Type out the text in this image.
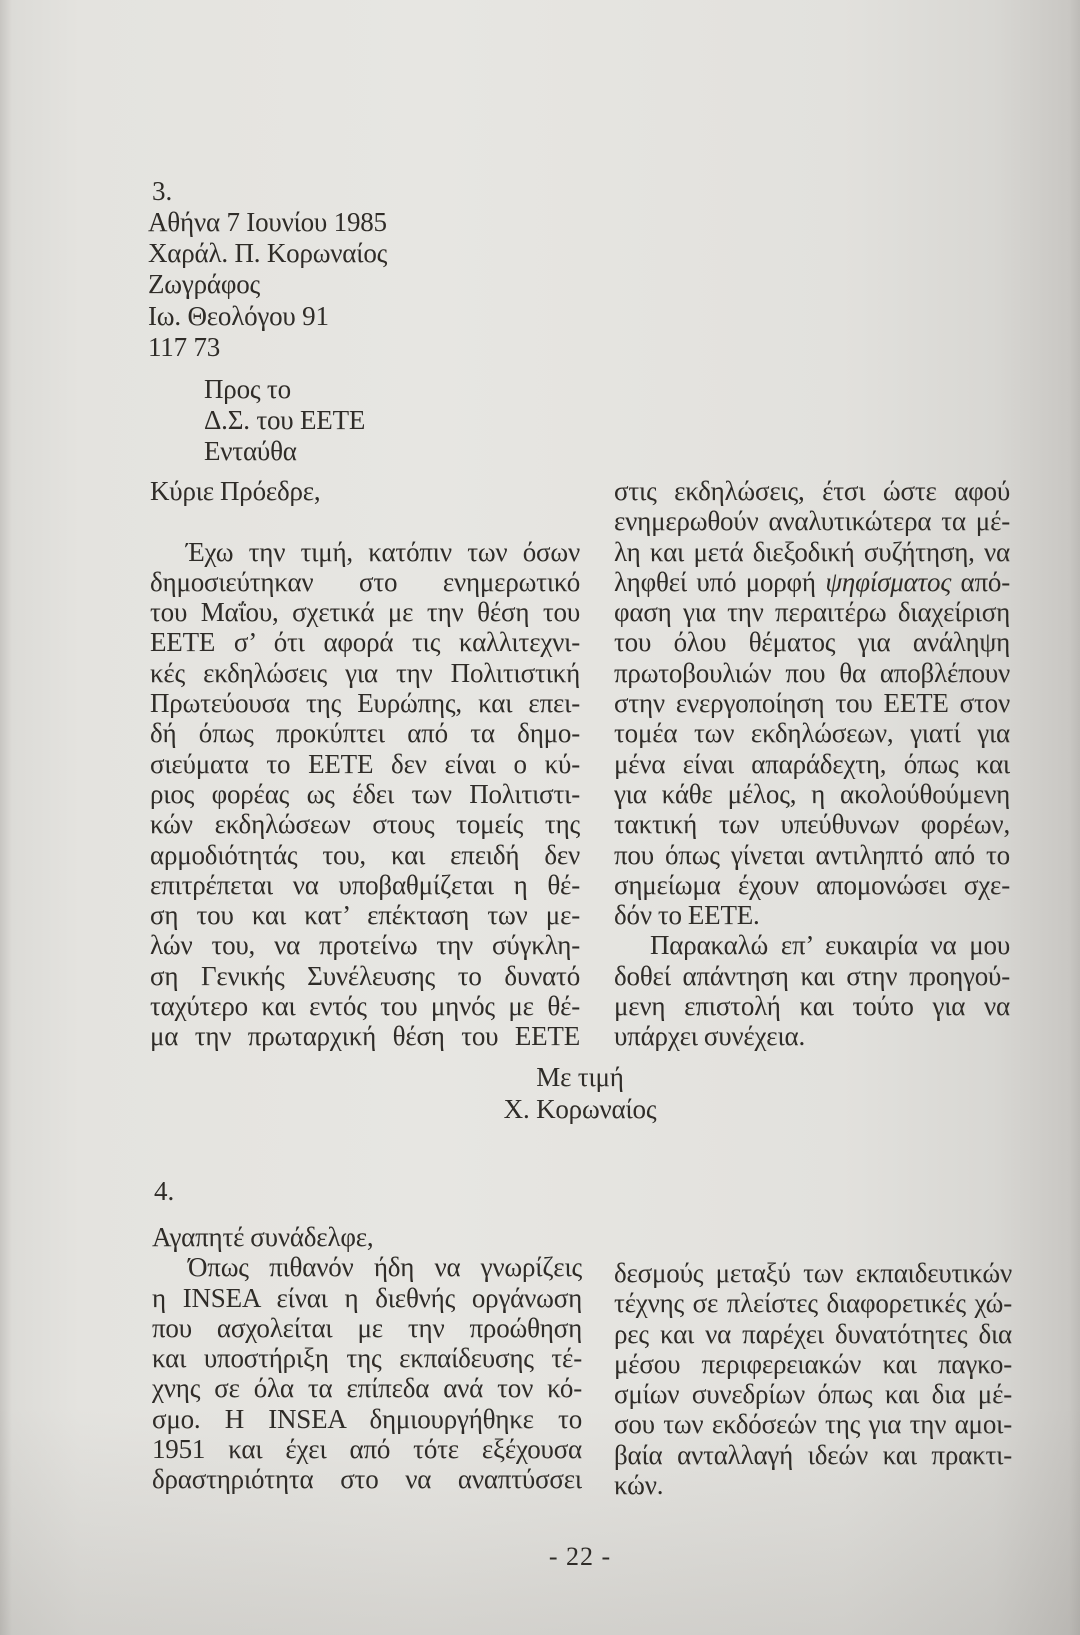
3.
Αθήνα 7 Ιουνίου 1985
Χαράλ. Π. Κορωναίος
Ζωγράφος
Ιω. Θεολόγου 91
117 73
Προς το
Δ.Σ. του ΕΕΤΕ
Ενταύθα
Κύριε Πρόεδρε,
Έχω την τιμή, κατόπιν των όσων
δημοσιεύτηκαν στο ενημερωτικό
του Μαΐου, σχετικά με την θέση του
ΕΕΤΕ σ’ ότι αφορά τις καλλιτεχνι-
κές εκδηλώσεις για την Πολιτιστική
Πρωτεύουσα της Ευρώπης, και επει-
δή όπως προκύπτει από τα δημο-
σιεύματα το ΕΕΤΕ δεν είναι ο κύ-
ριος φορέας ως έδει των Πολιτιστι-
κών εκδηλώσεων στους τομείς της
αρμοδιότητάς του, και επειδή δεν
επιτρέπεται να υποβαθμίζεται η θέ-
ση του και κατ’ επέκταση των με-
λών του, να προτείνω την σύγκλη-
ση Γενικής Συνέλευσης το δυνατό
ταχύτερο και εντός του μηνός με θέ-
μα την πρωταρχική θέση του ΕΕΤΕ
στις εκδηλώσεις, έτσι ώστε αφού
ενημερωθούν αναλυτικώτερα τα μέ-
λη και μετά διεξοδική συζήτηση, να
ληφθεί υπό μορφή ψηφίσματος από-
φαση για την περαιτέρω διαχείριση
του όλου θέματος για ανάληψη
πρωτοβουλιών που θα αποβλέπουν
στην ενεργοποίηση του ΕΕΤΕ στον
τομέα των εκδηλώσεων, γιατί για
μένα είναι απαράδεχτη, όπως και
για κάθε μέλος, η ακολούθούμενη
τακτική των υπεύθυνων φορέων,
που όπως γίνεται αντιληπτό από το
σημείωμα έχουν απομονώσει σχε-
δόν το ΕΕΤΕ.
Παρακαλώ επ’ ευκαιρία να μου
δοθεί απάντηση και στην προηγού-
μενη επιστολή και τούτο για να
υπάρχει συνέχεια.
Με τιμή
Χ. Κορωναίος
4.
Αγαπητέ συνάδελφε,
Όπως πιθανόν ήδη να γνωρίζεις
η INSEA είναι η διεθνής οργάνωση
που ασχολείται με την προώθηση
και υποστήριξη της εκπαίδευσης τέ-
χνης σε όλα τα επίπεδα ανά τον κό-
σμο. Η INSEA δημιουργήθηκε το
1951 και έχει από τότε εξέχουσα
δραστηριότητα στο να αναπτύσσει
δεσμούς μεταξύ των εκπαιδευτικών
τέχνης σε πλείστες διαφορετικές χώ-
ρες και να παρέχει δυνατότητες δια
μέσου περιφερειακών και παγκο-
σμίων συνεδρίων όπως και δια μέ-
σου των εκδόσεών της για την αμοι-
βαία ανταλλαγή ιδεών και πρακτι-
κών.
- 22 -
